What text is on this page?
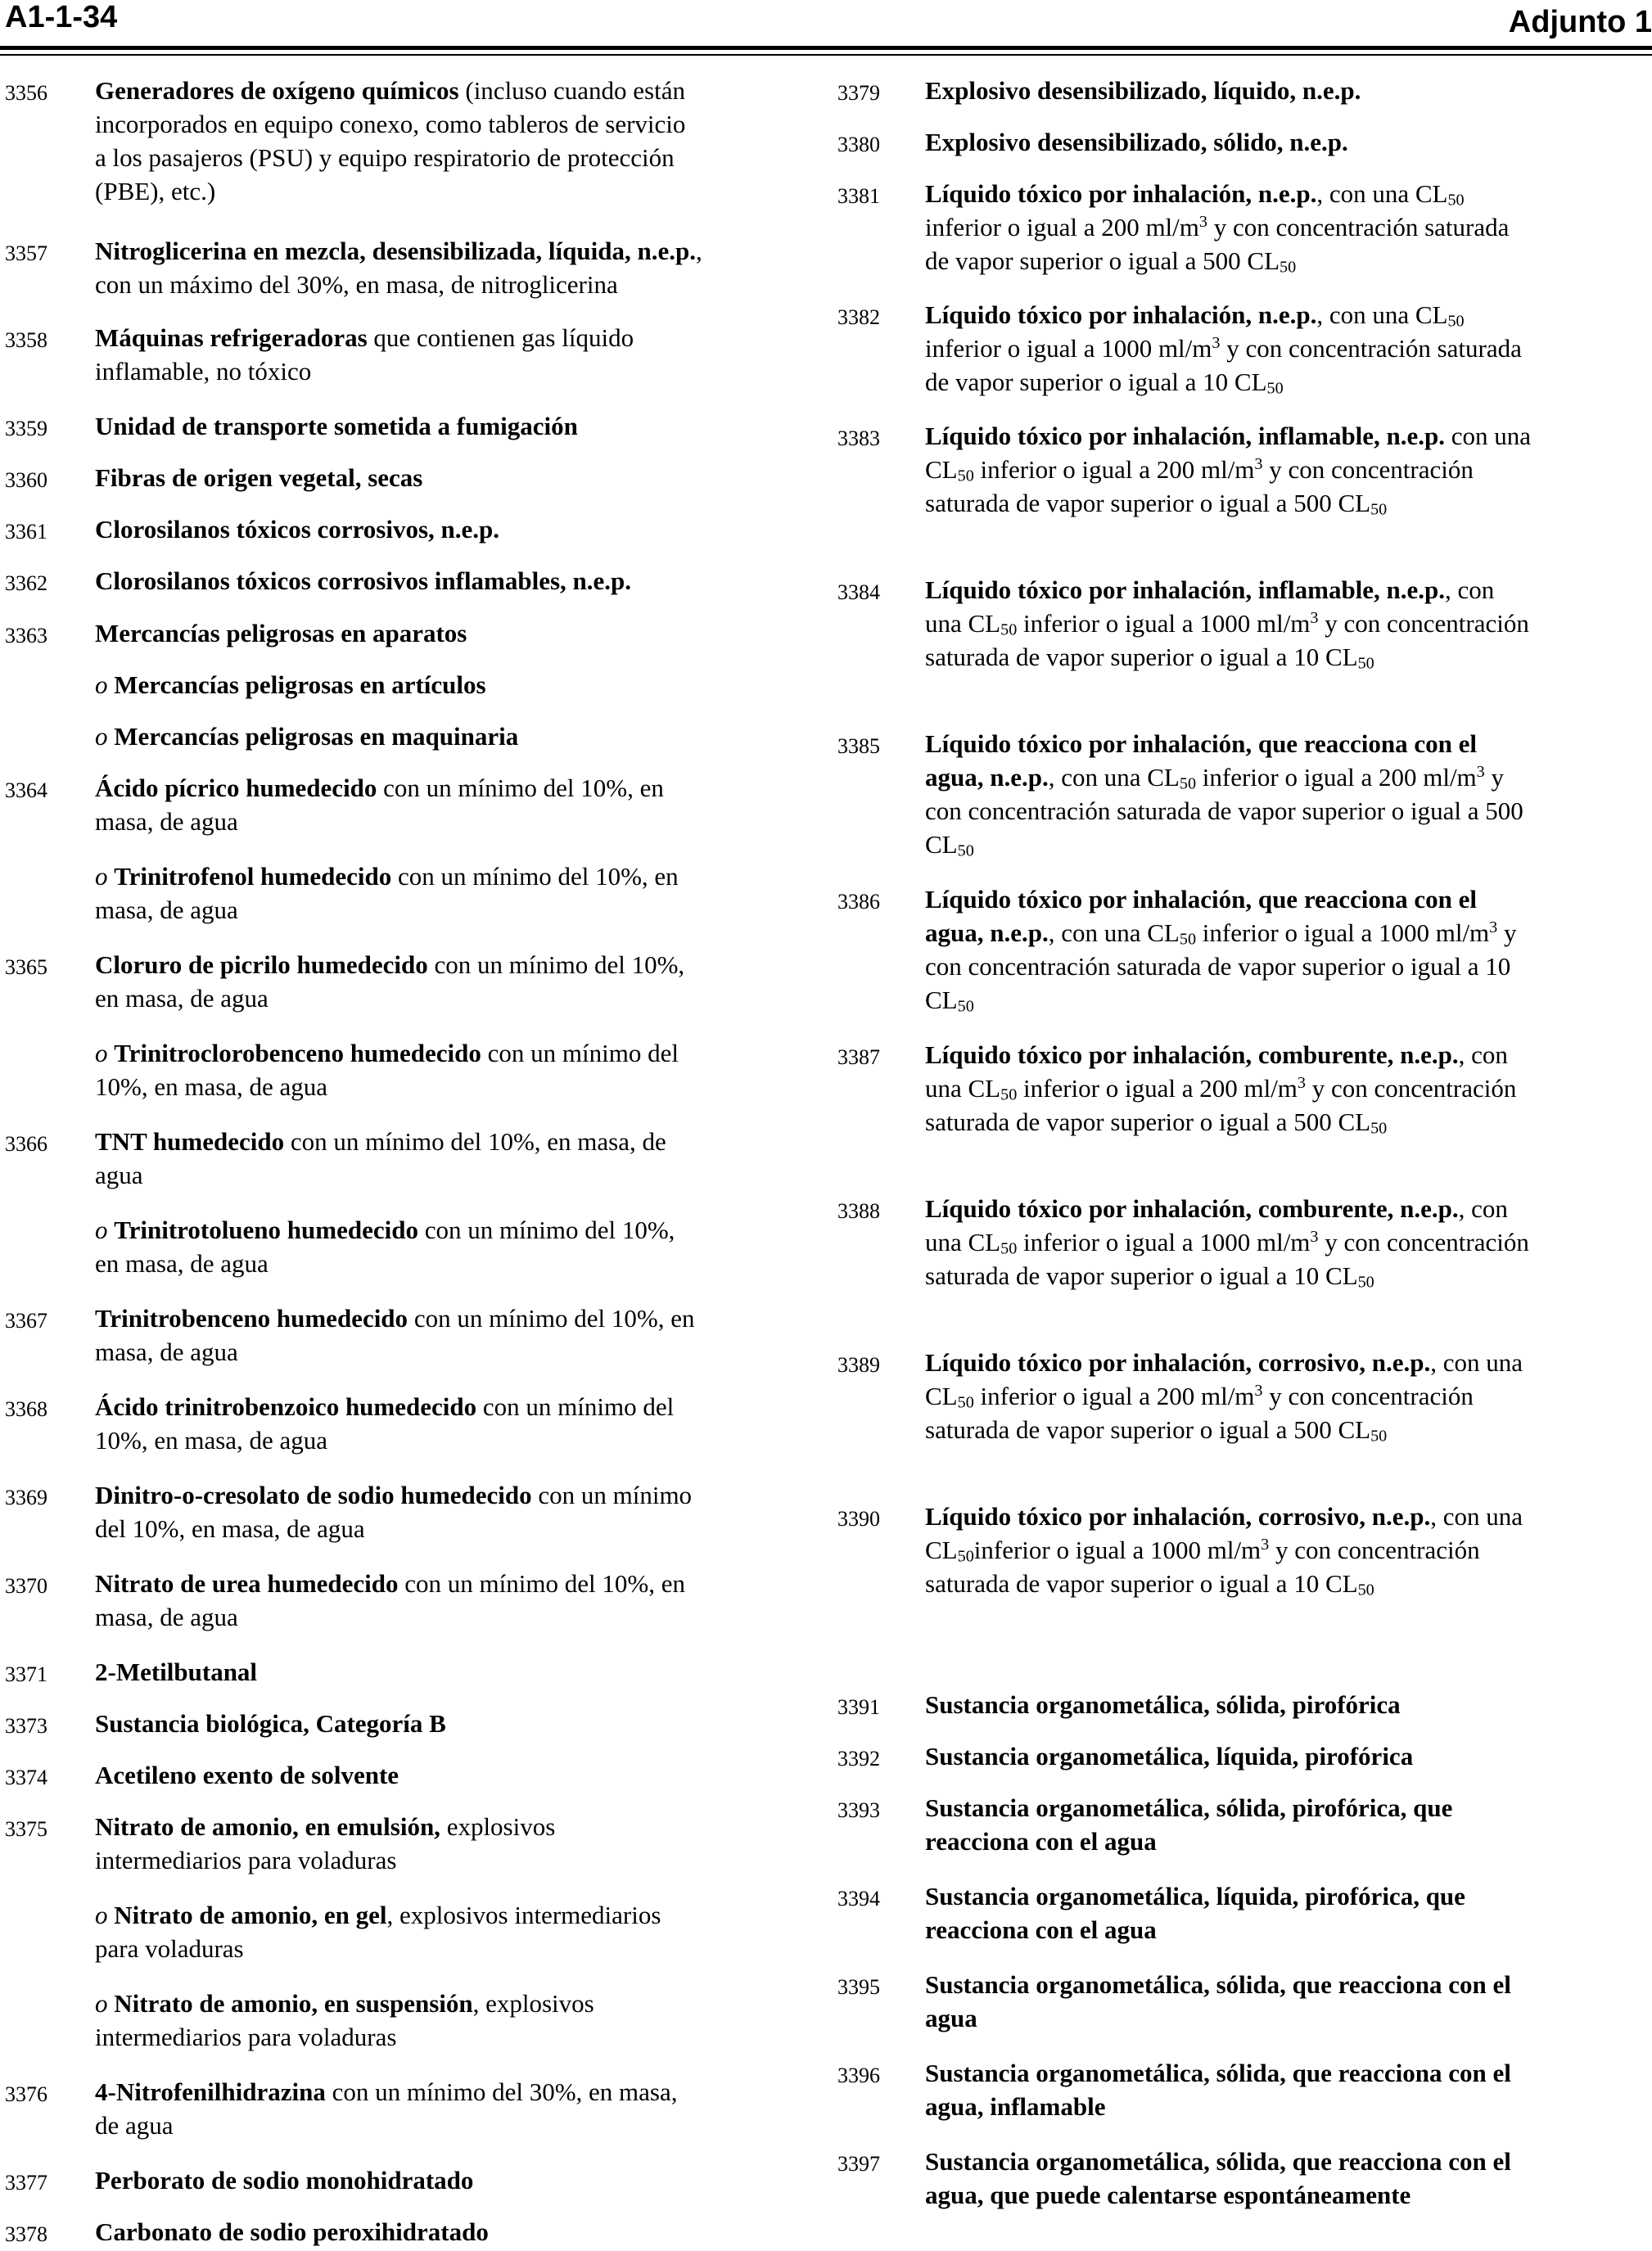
A1-1-34	Adjunto 1
3356 Generadores de oxígeno químicos (incluso cuando están
incorporados en equipo conexo, como tableros de servicio
a los pasajeros (PSU) y equipo respiratorio de protección
(PBE), etc.)
3357 Nitroglicerina en mezcla, desensibilizada, líquida, n.e.p.,
con un máximo del 30%, en masa, de nitroglicerina
3358 Máquinas refrigeradoras que contienen gas líquido
inflamable, no tóxico
3359 Unidad de transporte sometida a fumigación
3360 Fibras de origen vegetal, secas
3361 Clorosilanos tóxicos corrosivos, n.e.p.
3362 Clorosilanos tóxicos corrosivos inflamables, n.e.p.
3363 Mercancías peligrosas en aparatos
o Mercancías peligrosas en artículos
o Mercancías peligrosas en maquinaria
3364 Ácido pícrico humedecido con un mínimo del 10%, en
masa, de agua
o Trinitrofenol humedecido con un mínimo del 10%, en
masa, de agua
3365 Cloruro de picrilo humedecido con un mínimo del 10%,
en masa, de agua
o Trinitroclorobenceno humedecido con un mínimo del
10%, en masa, de agua
3366 TNT humedecido con un mínimo del 10%, en masa, de
agua
o Trinitrotolueno humedecido con un mínimo del 10%,
en masa, de agua
3367 Trinitrobenceno humedecido con un mínimo del 10%, en
masa, de agua
3368 Ácido trinitrobenzoico humedecido con un mínimo del
10%, en masa, de agua
3369 Dinitro-o-cresolato de sodio humedecido con un mínimo
del 10%, en masa, de agua
3370 Nitrato de urea humedecido con un mínimo del 10%, en
masa, de agua
3371 2-Metilbutanal
3373 Sustancia biológica, Categoría B
3374 Acetileno exento de solvente
3375 Nitrato de amonio, en emulsión, explosivos
intermediarios para voladuras
o Nitrato de amonio, en gel, explosivos intermediarios
para voladuras
o Nitrato de amonio, en suspensión, explosivos
intermediarios para voladuras
3376 4-Nitrofenilhidrazina con un mínimo del 30%, en masa,
de agua
3377 Perborato de sodio monohidratado
3378 Carbonato de sodio peroxihidratado
3379 Explosivo desensibilizado, líquido, n.e.p.
3380 Explosivo desensibilizado, sólido, n.e.p.
3381 Líquido tóxico por inhalación, n.e.p., con una $CL_{50}$
inferior o igual a 200 $ml/m^3$ y con concentración saturada
de vapor superior o igual a 500 $CL_{50}$
3382 Líquido tóxico por inhalación, n.e.p., con una $CL_{50}$
inferior o igual a 1000 $ml/m^3$ y con concentración saturada
de vapor superior o igual a 10 $CL_{50}$
3383 Líquido tóxico por inhalación, inflamable, n.e.p. con una
$CL_{50}$ inferior o igual a 200 $ml/m^3$ y con concentración
saturada de vapor superior o igual a 500 $CL_{50}$
3384 Líquido tóxico por inhalación, inflamable, n.e.p., con
una $CL_{50}$ inferior o igual a 1000 $ml/m^3$ y con concentración
saturada de vapor superior o igual a 10 $CL_{50}$
3385 Líquido tóxico por inhalación, que reacciona con el
agua, n.e.p., con una $CL_{50}$ inferior o igual a 200 $ml/m^3$ y
con concentración saturada de vapor superior o igual a 500
$CL_{50}$
3386 Líquido tóxico por inhalación, que reacciona con el
agua, n.e.p., con una $CL_{50}$ inferior o igual a 1000 $ml/m^3$ y
con concentración saturada de vapor superior o igual a 10
$CL_{50}$
3387 Líquido tóxico por inhalación, comburente, n.e.p., con
una $CL_{50}$ inferior o igual a 200 $ml/m^3$ y con concentración
saturada de vapor superior o igual a 500 $CL_{50}$
3388 Líquido tóxico por inhalación, comburente, n.e.p., con
una $CL_{50}$ inferior o igual a 1000 $ml/m^3$ y con concentración
saturada de vapor superior o igual a 10 $CL_{50}$
3389 Líquido tóxico por inhalación, corrosivo, n.e.p., con una
$CL_{50}$ inferior o igual a 200 $ml/m^3$ y con concentración
saturada de vapor superior o igual a 500 $CL_{50}$
3390 Líquido tóxico por inhalación, corrosivo, n.e.p., con una
$CL_{50}inferior$ o igual a 1000 $ml/m^3$ y con concentración
saturada de vapor superior o igual a 10 $CL_{50}$
3391 Sustancia organometálica, sólida, pirofórica
3392 Sustancia organometálica, líquida, pirofórica
3393 Sustancia organometálica, sólida, pirofórica, que
reacciona con el agua
3394 Sustancia organometálica, líquida, pirofórica, que
reacciona con el agua
3395 Sustancia organometálica, sólida, que reacciona con el
agua
3396 Sustancia organometálica, sólida, que reacciona con el
agua, inflamable
3397 Sustancia organometálica, sólida, que reacciona con el
agua, que puede calentarse espontáneamente
